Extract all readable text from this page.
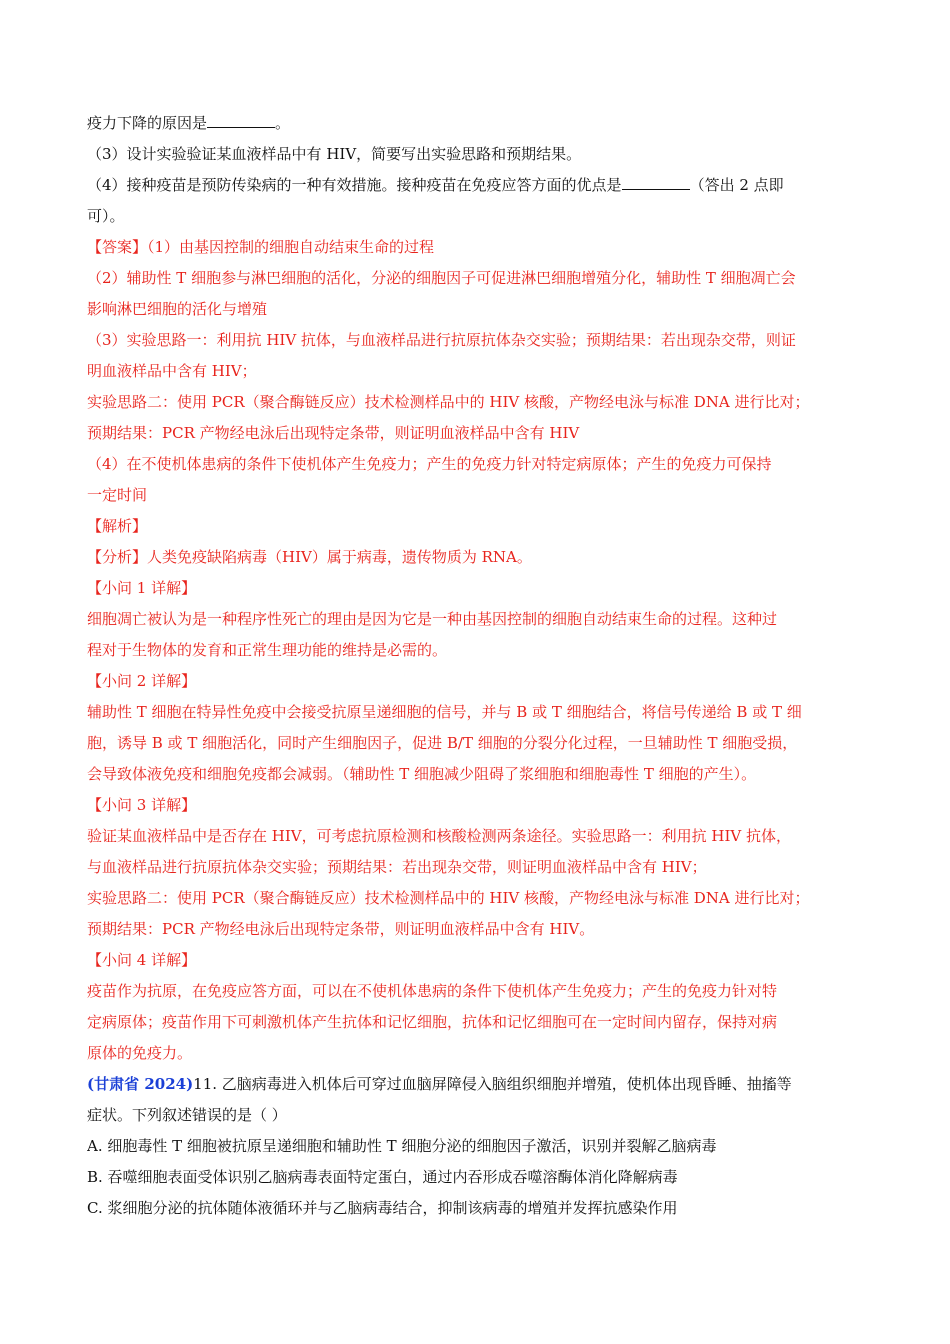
疫力下降的原因是	。
（3）设计实验验证某血液样品中有 HIV，简要写出实验思路和预期结果。
（4）接种疫苗是预防传染病的一种有效措施。接种疫苗在免疫应答方面的优点是	（答出 2 点即
可）。
【答案】（1）由基因控制的细胞自动结束生命的过程
（2）辅助性 T 细胞参与淋巴细胞的活化，分泌的细胞因子可促进淋巴细胞增殖分化，辅助性 T 细胞凋亡会
影响淋巴细胞的活化与增殖
（3）实验思路一：利用抗 HIV 抗体，与血液样品进行抗原抗体杂交实验；预期结果：若出现杂交带，则证
明血液样品中含有 HIV；
实验思路二：使用 PCR（聚合酶链反应）技术检测样品中的 HIV 核酸，产物经电泳与标准 DNA 进行比对；
预期结果：PCR 产物经电泳后出现特定条带，则证明血液样品中含有 HIV
（4）在不使机体患病的条件下使机体产生免疫力；产生的免疫力针对特定病原体；产生的免疫力可保持
一定时间
【解析】
【分析】人类免疫缺陷病毒（HIV）属于病毒，遗传物质为 RNA。
【小问 1 详解】
细胞凋亡被认为是一种程序性死亡的理由是因为它是一种由基因控制的细胞自动结束生命的过程。这种过
程对于生物体的发育和正常生理功能的维持是必需的。
【小问 2 详解】
辅助性 T 细胞在特异性免疫中会接受抗原呈递细胞的信号，并与 B 或 T 细胞结合，将信号传递给 B 或 T 细
胞，诱导 B 或 T 细胞活化，同时产生细胞因子，促进 B/T 细胞的分裂分化过程，一旦辅助性 T 细胞受损，
会导致体液免疫和细胞免疫都会减弱。（辅助性 T 细胞减少阻碍了浆细胞和细胞毒性 T 细胞的产生）。
【小问 3 详解】
验证某血液样品中是否存在 HIV，可考虑抗原检测和核酸检测两条途径。实验思路一：利用抗 HIV 抗体，
与血液样品进行抗原抗体杂交实验；预期结果：若出现杂交带，则证明血液样品中含有 HIV；
实验思路二：使用 PCR（聚合酶链反应）技术检测样品中的 HIV 核酸，产物经电泳与标准 DNA 进行比对；
预期结果：PCR 产物经电泳后出现特定条带，则证明血液样品中含有 HIV。
【小问 4 详解】
疫苗作为抗原，在免疫应答方面，可以在不使机体患病的条件下使机体产生免疫力；产生的免疫力针对特
定病原体；疫苗作用下可刺激机体产生抗体和记忆细胞，抗体和记忆细胞可在一定时间内留存，保持对病
原体的免疫力。
(甘肃省 2024)11. 乙脑病毒进入机体后可穿过血脑屏障侵入脑组织细胞并增殖，使机体出现昏睡、抽搐等
症状。下列叙述错误的是（ ）
A. 细胞毒性 T 细胞被抗原呈递细胞和辅助性 T 细胞分泌的细胞因子激活，识别并裂解乙脑病毒
B. 吞噬细胞表面受体识别乙脑病毒表面特定蛋白，通过内吞形成吞噬溶酶体消化降解病毒
C. 浆细胞分泌的抗体随体液循环并与乙脑病毒结合，抑制该病毒的增殖并发挥抗感染作用
